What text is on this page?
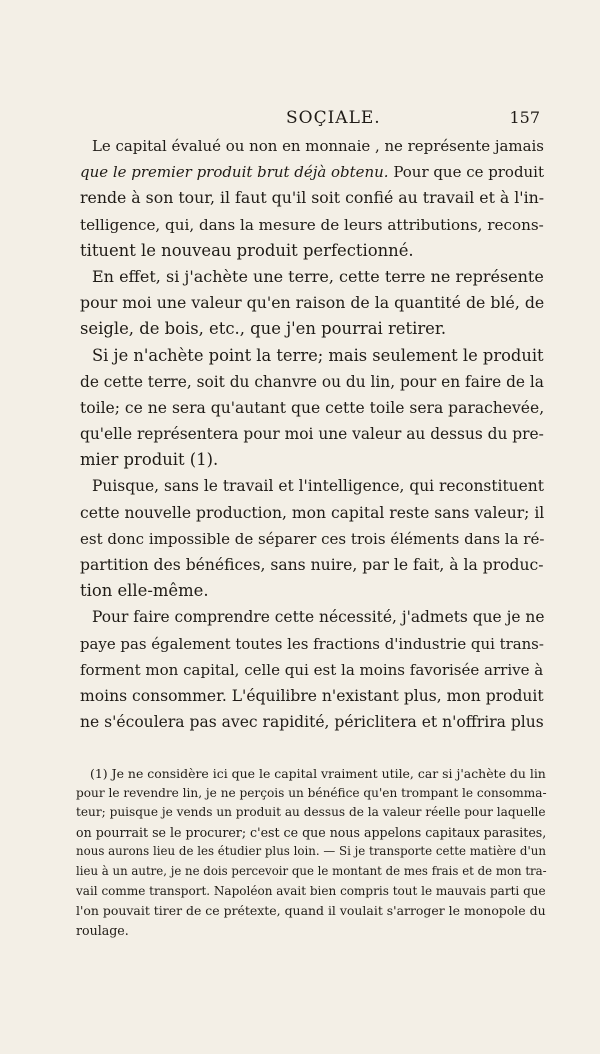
SOÇIALE.	157
Le capital évalué ou non en monnaie , ne représente jamais
que le premier produit brut déjà obtenu. Pour que ce produit
rende à son tour, il faut qu'il soit confié au travail et à l'in-
telligence, qui, dans la mesure de leurs attributions, recons-
tituent le nouveau produit perfectionné.
En effet, si j'achète une terre, cette terre ne représente
pour moi une valeur qu'en raison de la quantité de blé, de
seigle, de bois, etc., que j'en pourrai retirer.
Si je n'achète point la terre; mais seulement le produit
de cette terre, soit du chanvre ou du lin, pour en faire de la
toile; ce ne sera qu'autant que cette toile sera parachevée,
qu'elle représentera pour moi une valeur au dessus du pre-
mier produit (1).
Puisque, sans le travail et l'intelligence, qui reconstituent
cette nouvelle production, mon capital reste sans valeur; il
est donc impossible de séparer ces trois éléments dans la ré-
partition des bénéfices, sans nuire, par le fait, à la produc-
tion elle-même.
Pour faire comprendre cette nécessité, j'admets que je ne
paye pas également toutes les fractions d'industrie qui trans-
forment mon capital, celle qui est la moins favorisée arrive à
moins consommer. L'équilibre n'existant plus, mon produit
ne s'écoulera pas avec rapidité, périclitera et n'offrira plus
(1) Je ne considère ici que le capital vraiment utile, car si j'achète du lin
pour le revendre lin, je ne perçois un bénéfice qu'en trompant le consomma-
teur; puisque je vends un produit au dessus de la valeur réelle pour laquelle
on pourrait se le procurer; c'est ce que nous appelons capitaux parasites,
nous aurons lieu de les étudier plus loin. — Si je transporte cette matière d'un
lieu à un autre, je ne dois percevoir que le montant de mes frais et de mon tra-
vail comme transport. Napoléon avait bien compris tout le mauvais parti que
l'on pouvait tirer de ce prétexte, quand il voulait s'arroger le monopole du
roulage.
